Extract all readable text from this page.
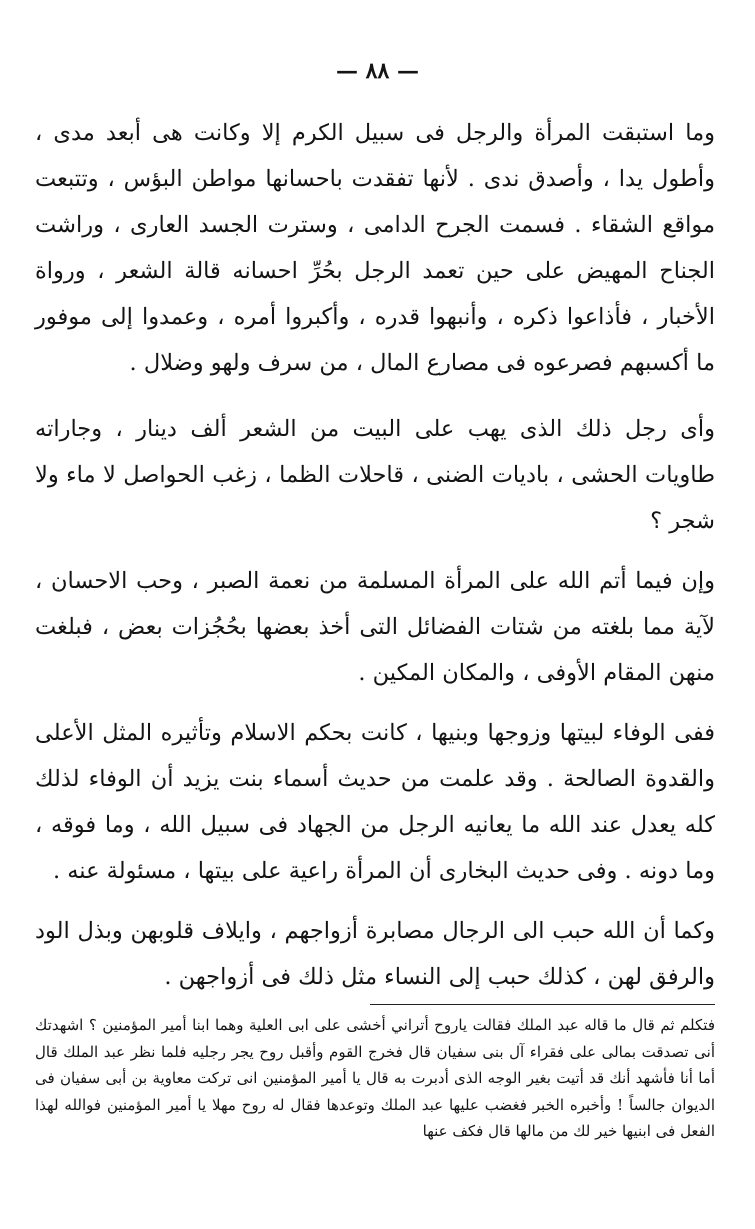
— ٨٨ —

وما استبقت المرأة والرجل فى سبيل الكرم إلا وكانت هى أبعد مدى ، وأطول يدا ، وأصدق ندى . لأنها تفقدت باحسانها مواطن البؤس ، وتتبعت مواقع الشقاء . فسمت الجرح الدامى ، وسترت الجسد العارى ، وراشت الجناح المهيض على حين تعمد الرجل بحُرِّ احسانه قالة الشعر ، ورواة الأخبار ، فأذاعوا ذكره ، وأنبهوا قدره ، وأكبروا أمره ، وعمدوا إلى موفور ما أكسبهم فصرعوه فى مصارع المال ، من سرف ولهو وضلال .

وأى رجل ذلك الذى يهب على البيت من الشعر ألف دينار ، وجاراته طاويات الحشى ، باديات الضنى ، قاحلات الظما ، زغب الحواصل لا ماء ولا شجر ؟

وإن فيما أتم الله على المرأة المسلمة من نعمة الصبر ، وحب الاحسان ، لآية مما بلغته من شتات الفضائل التى أخذ بعضها بحُجُزات بعض ، فبلغت منهن المقام الأوفى ، والمكان المكين .

ففى الوفاء لبيتها وزوجها وبنيها ، كانت بحكم الاسلام وتأثيره المثل الأعلى والقدوة الصالحة . وقد علمت من حديث أسماء بنت يزيد أن الوفاء لذلك كله يعدل عند الله ما يعانيه الرجل من الجهاد فى سبيل الله ، وما فوقه ، وما دونه . وفى حديث البخارى أن المرأة راعية على بيتها ، مسئولة عنه .

وكما أن الله حبب الى الرجال مصابرة أزواجهم ، وايلاف قلوبهن وبذل الود والرفق لهن ، كذلك حبب إلى النساء مثل ذلك فى أزواجهن .

فتكلم ثم قال ما قاله عبد الملك فقالت ياروح أتراني أخشى على ابى العلية وهما ابنا أمير المؤمنين ؟ اشهدتك أنى تصدقت بمالى على فقراء آل بنى سفيان قال فخرج القوم وأقبل روح يجر رجليه فلما نظر عبد الملك قال أما أنا فأشهد أنك قد أتيت بغير الوجه الذى أدبرت به قال يا أمير المؤمنين انى تركت معاوية بن أبى سفيان فى الديوان جالساً ! وأخبره الخبر فغضب عليها عبد الملك وتوعدها فقال له روح مهلا يا أمير المؤمنين فوالله لهذا الفعل فى ابنيها خير لك من مالها قال فكف عنها
